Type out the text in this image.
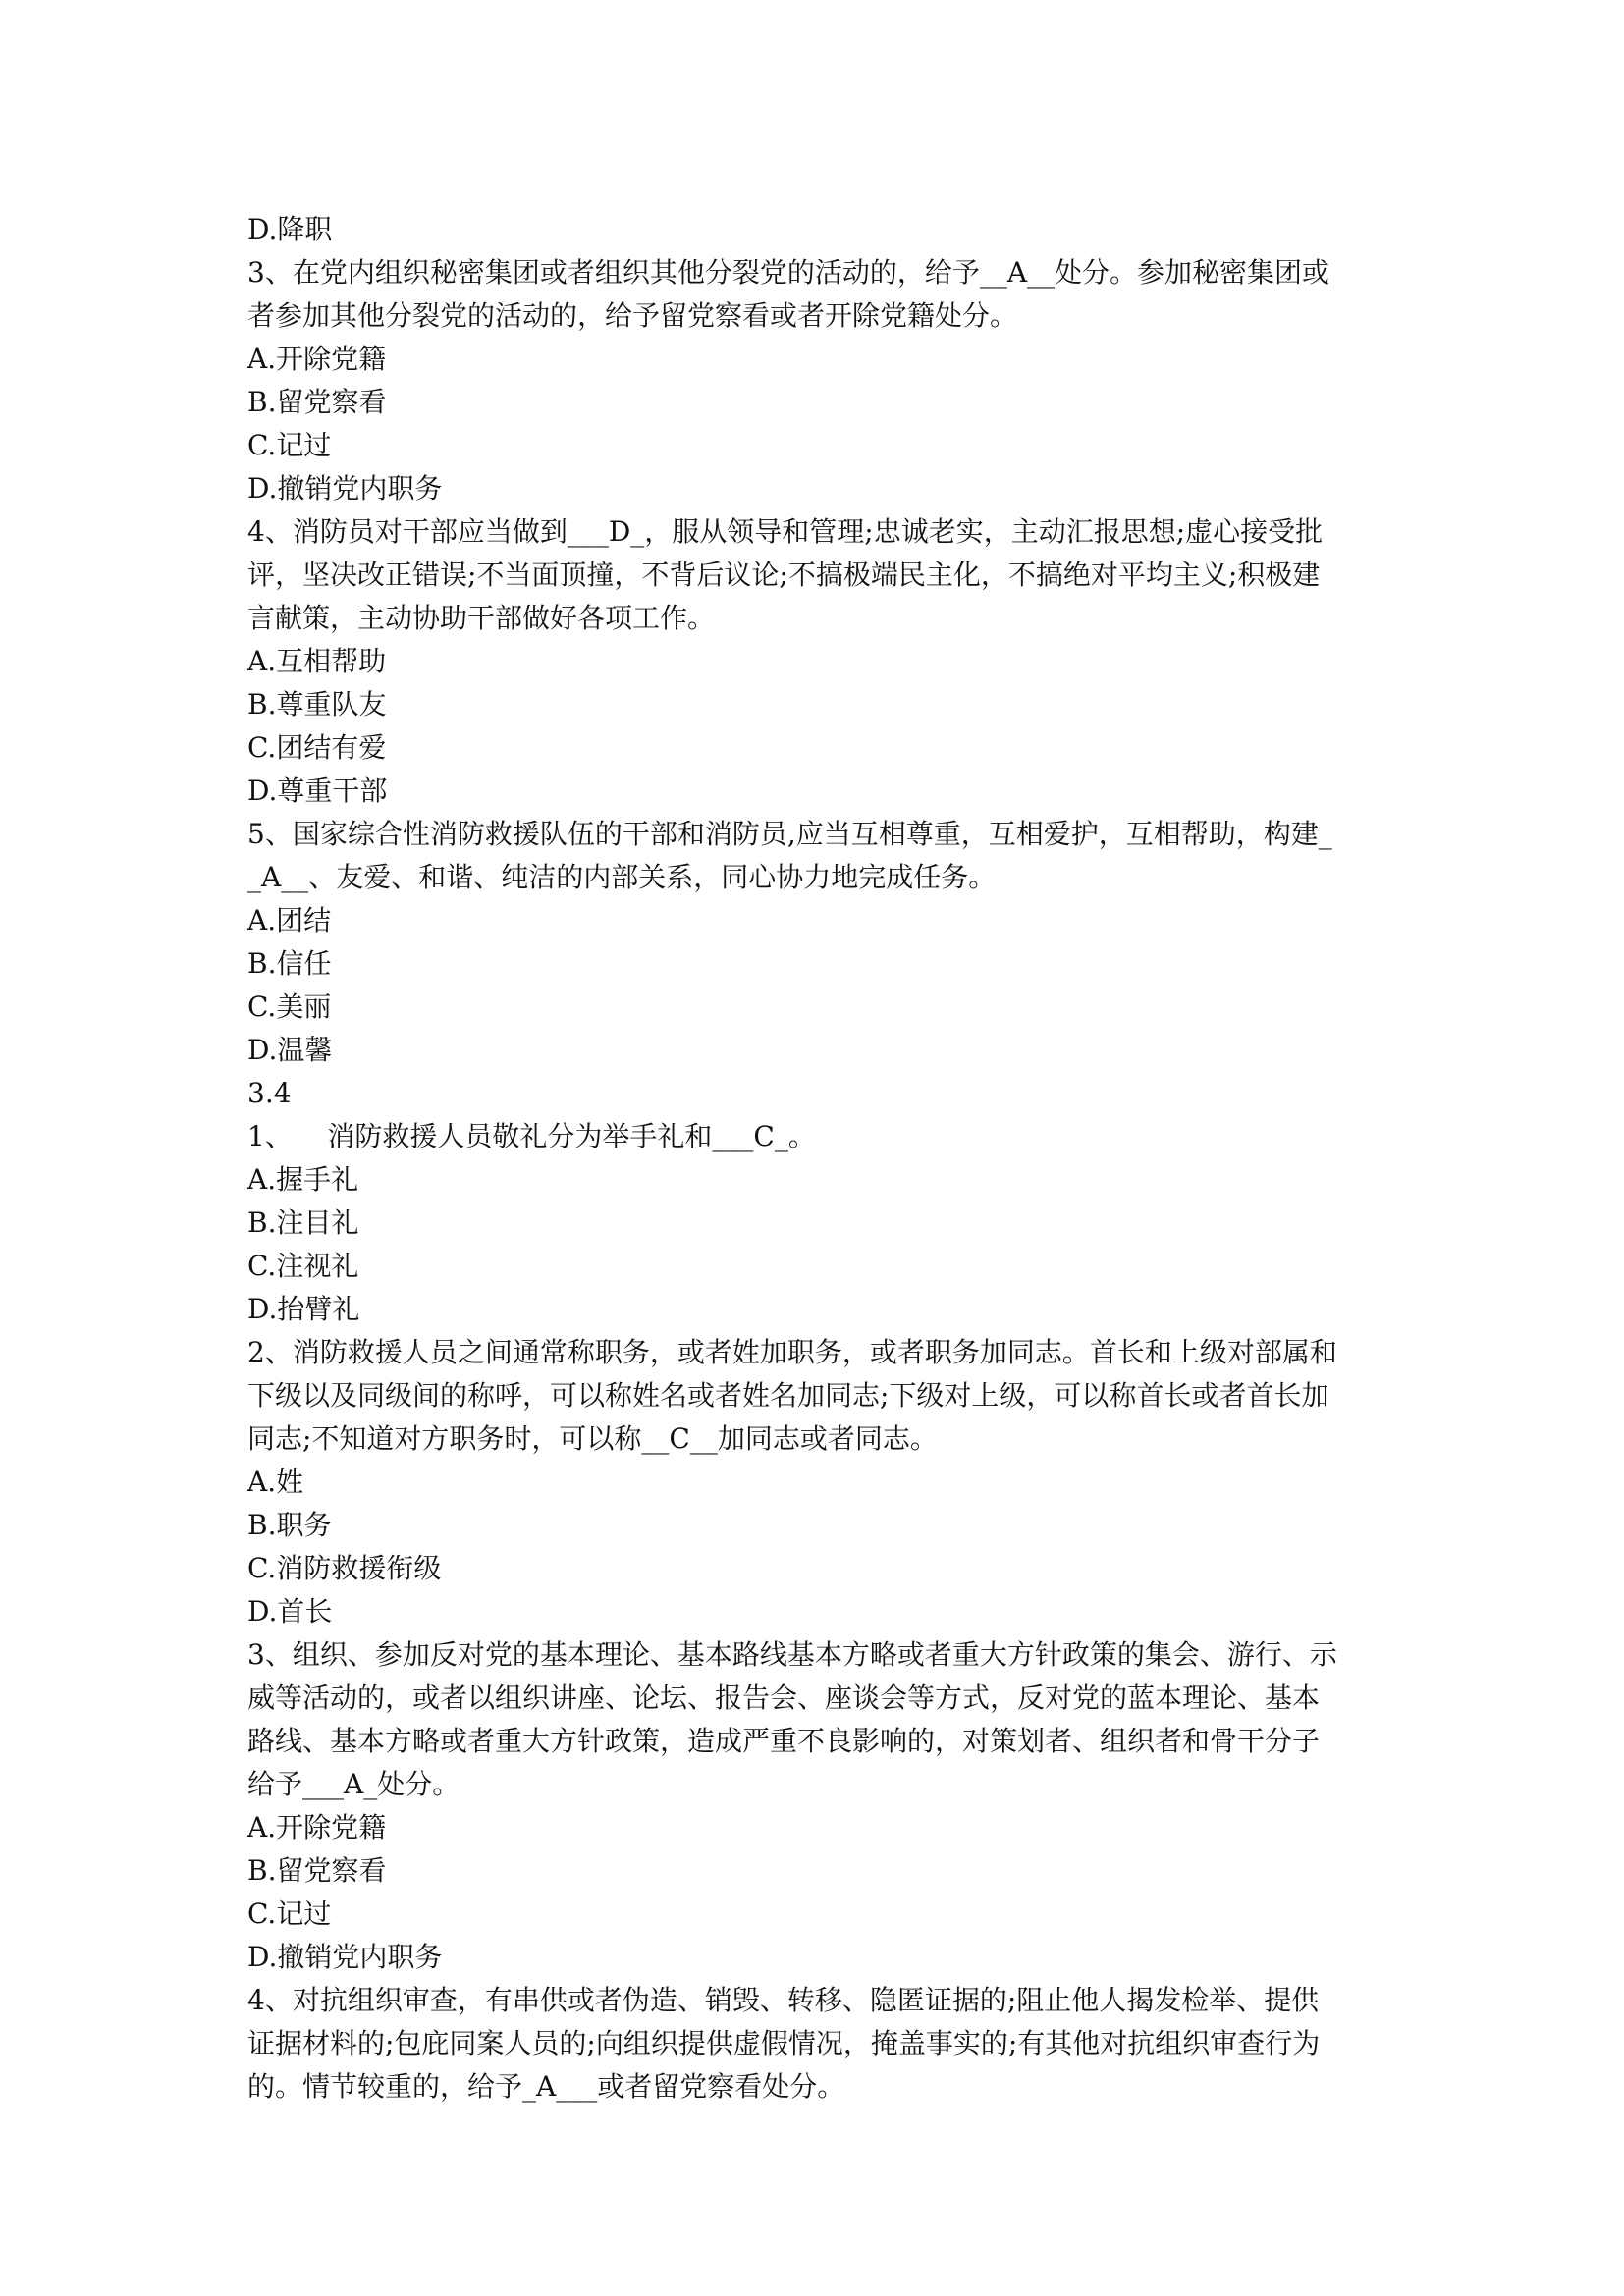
D.降职
3、在党内组织秘密集团或者组织其他分裂党的活动的，给予__A__处分。参加秘密集团或
者参加其他分裂党的活动的，给予留党察看或者开除党籍处分。
A.开除党籍
B.留党察看
C.记过
D.撤销党内职务
4、消防员对干部应当做到___D_，服从领导和管理;忠诚老实，主动汇报思想;虚心接受批
评，坚决改正错误;不当面顶撞，不背后议论;不搞极端民主化，不搞绝对平均主义;积极建
言献策，主动协助干部做好各项工作。
A.互相帮助
B.尊重队友
C.团结有爱
D.尊重干部
5、国家综合性消防救援队伍的干部和消防员,应当互相尊重，互相爱护，互相帮助，构建_
_A__、友爱、和谐、纯洁的内部关系，同心协力地完成任务。
A.团结
B.信任
C.美丽
D.温馨
3.4
1、    消防救援人员敬礼分为举手礼和___C_。
A.握手礼
B.注目礼
C.注视礼
D.抬臂礼
2、消防救援人员之间通常称职务，或者姓加职务，或者职务加同志。首长和上级对部属和
下级以及同级间的称呼，可以称姓名或者姓名加同志;下级对上级，可以称首长或者首长加
同志;不知道对方职务时，可以称__C__加同志或者同志。
A.姓
B.职务
C.消防救援衔级
D.首长
3、组织、参加反对党的基本理论、基本路线基本方略或者重大方针政策的集会、游行、示
威等活动的，或者以组织讲座、论坛、报告会、座谈会等方式，反对党的蓝本理论、基本
路线、基本方略或者重大方针政策，造成严重不良影响的，对策划者、组织者和骨干分子
给予___A_处分。
A.开除党籍
B.留党察看
C.记过
D.撤销党内职务
4、对抗组织审查，有串供或者伪造、销毁、转移、隐匿证据的;阻止他人揭发检举、提供
证据材料的;包庇同案人员的;向组织提供虚假情况，掩盖事实的;有其他对抗组织审查行为
的。情节较重的，给予_A___或者留党察看处分。
